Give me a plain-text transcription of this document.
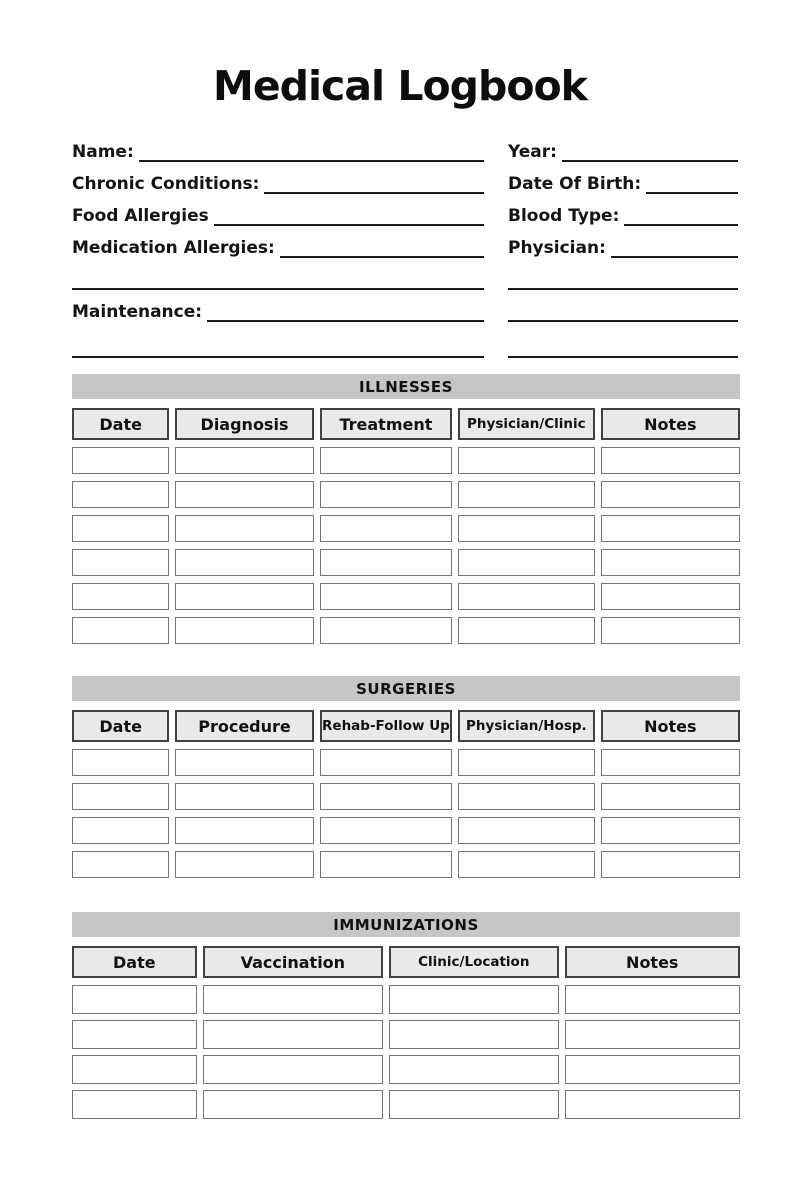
Medical Logbook
Name:
Chronic Conditions:
Food Allergies
Medication Allergies:
Maintenance:
Year:
Date Of Birth:
Blood Type:
Physician:
ILLNESSES
Date	Diagnosis	Treatment	Physician/Clinic	Notes
SURGERIES
Date	Procedure	Rehab-Follow Up	Physician/Hosp.	Notes
IMMUNIZATIONS
Date	Vaccination	Clinic/Location	Notes
